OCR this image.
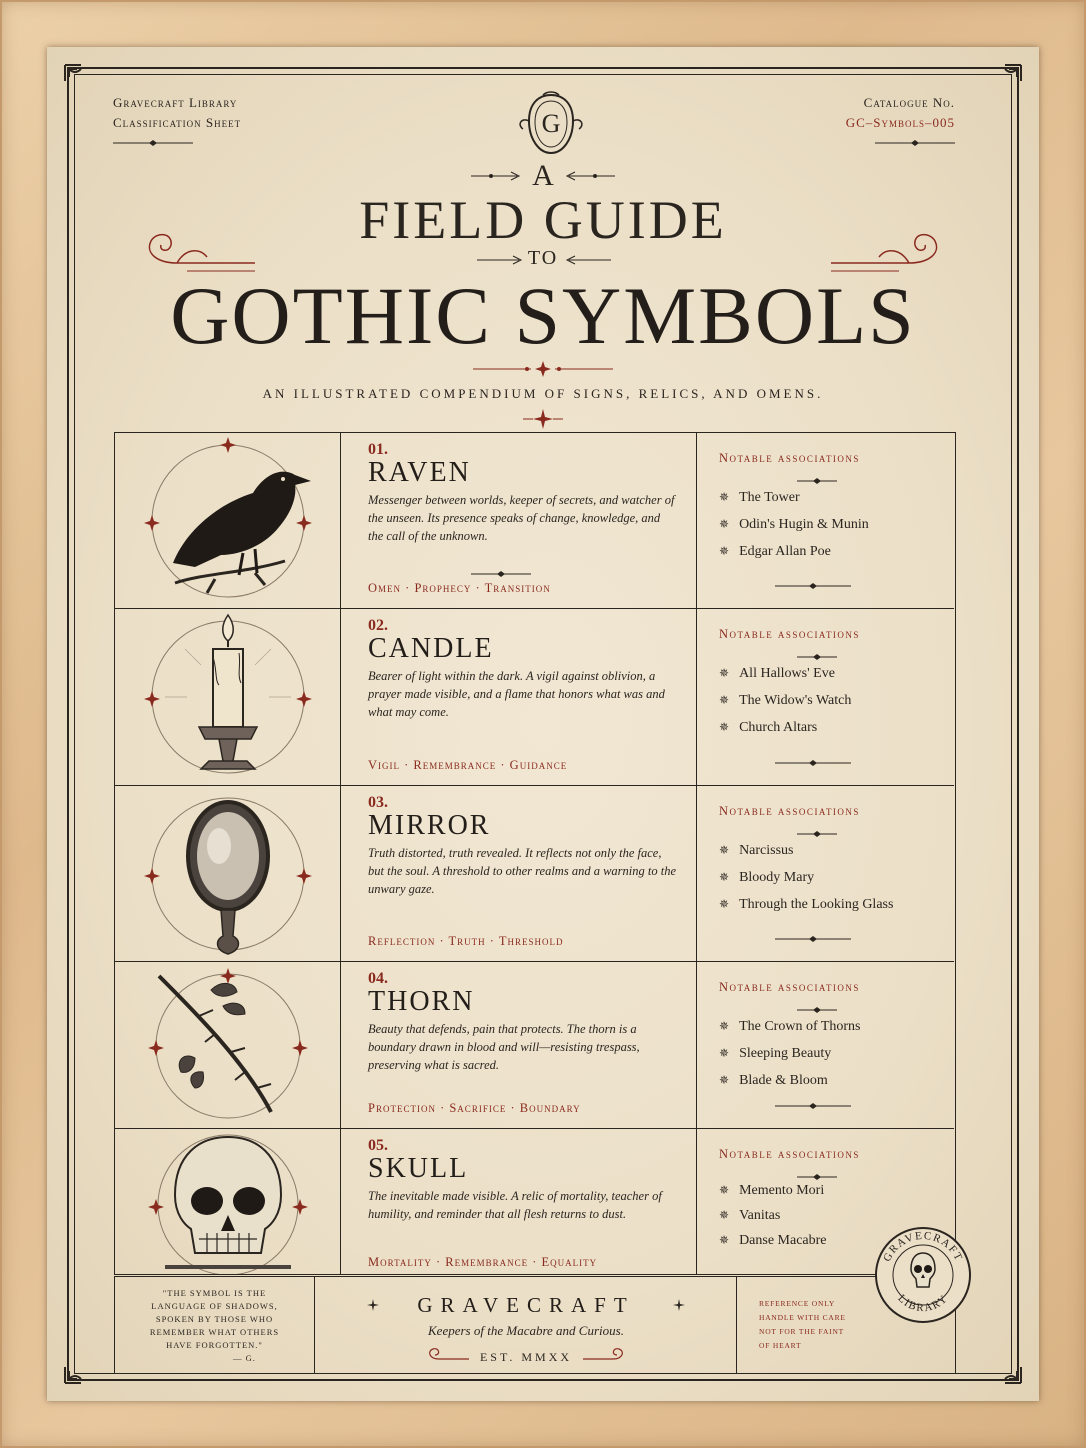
Gravecraft Library
Classification Sheet
Catalogue No.
GC–Symbols–005
G
A
FIELD GUIDE
TO
GOTHIC SYMBOLS
AN ILLUSTRATED COMPENDIUM OF SIGNS, RELICS, AND OMENS.
01.
RAVEN
Messenger between worlds, keeper of secrets, and watcher of the unseen. Its presence speaks of change, knowledge, and the call of the unknown.
Omen · Prophecy · Transition
Notable associations
✵ The Tower
✵ Odin's Hugin & Munin
✵ Edgar Allan Poe
02.
CANDLE
Bearer of light within the dark. A vigil against oblivion, a prayer made visible, and a flame that honors what was and what may come.
Vigil · Remembrance · Guidance
Notable associations
✵ All Hallows' Eve
✵ The Widow's Watch
✵ Church Altars
03.
MIRROR
Truth distorted, truth revealed. It reflects not only the face, but the soul. A threshold to other realms and a warning to the unwary gaze.
Reflection · Truth · Threshold
Notable associations
✵ Narcissus
✵ Bloody Mary
✵ Through the Looking Glass
04.
THORN
Beauty that defends, pain that protects. The thorn is a boundary drawn in blood and will—resisting trespass, preserving what is sacred.
Protection · Sacrifice · Boundary
Notable associations
✵ The Crown of Thorns
✵ Sleeping Beauty
✵ Blade & Bloom
05.
SKULL
The inevitable made visible. A relic of mortality, teacher of humility, and reminder that all flesh returns to dust.
Mortality · Remembrance · Equality
Notable associations
✵ Memento Mori
✵ Vanitas
✵ Danse Macabre
"THE SYMBOL IS THE
LANGUAGE OF SHADOWS,
SPOKEN BY THOSE WHO
REMEMBER WHAT OTHERS
HAVE FORGOTTEN."
— G.
GRAVECRAFT
Keepers of the Macabre and Curious.
EST. MMXX
REFERENCE ONLY
HANDLE WITH CARE
NOT FOR THE FAINT
OF HEART
GRAVECRAFT
LIBRARY
